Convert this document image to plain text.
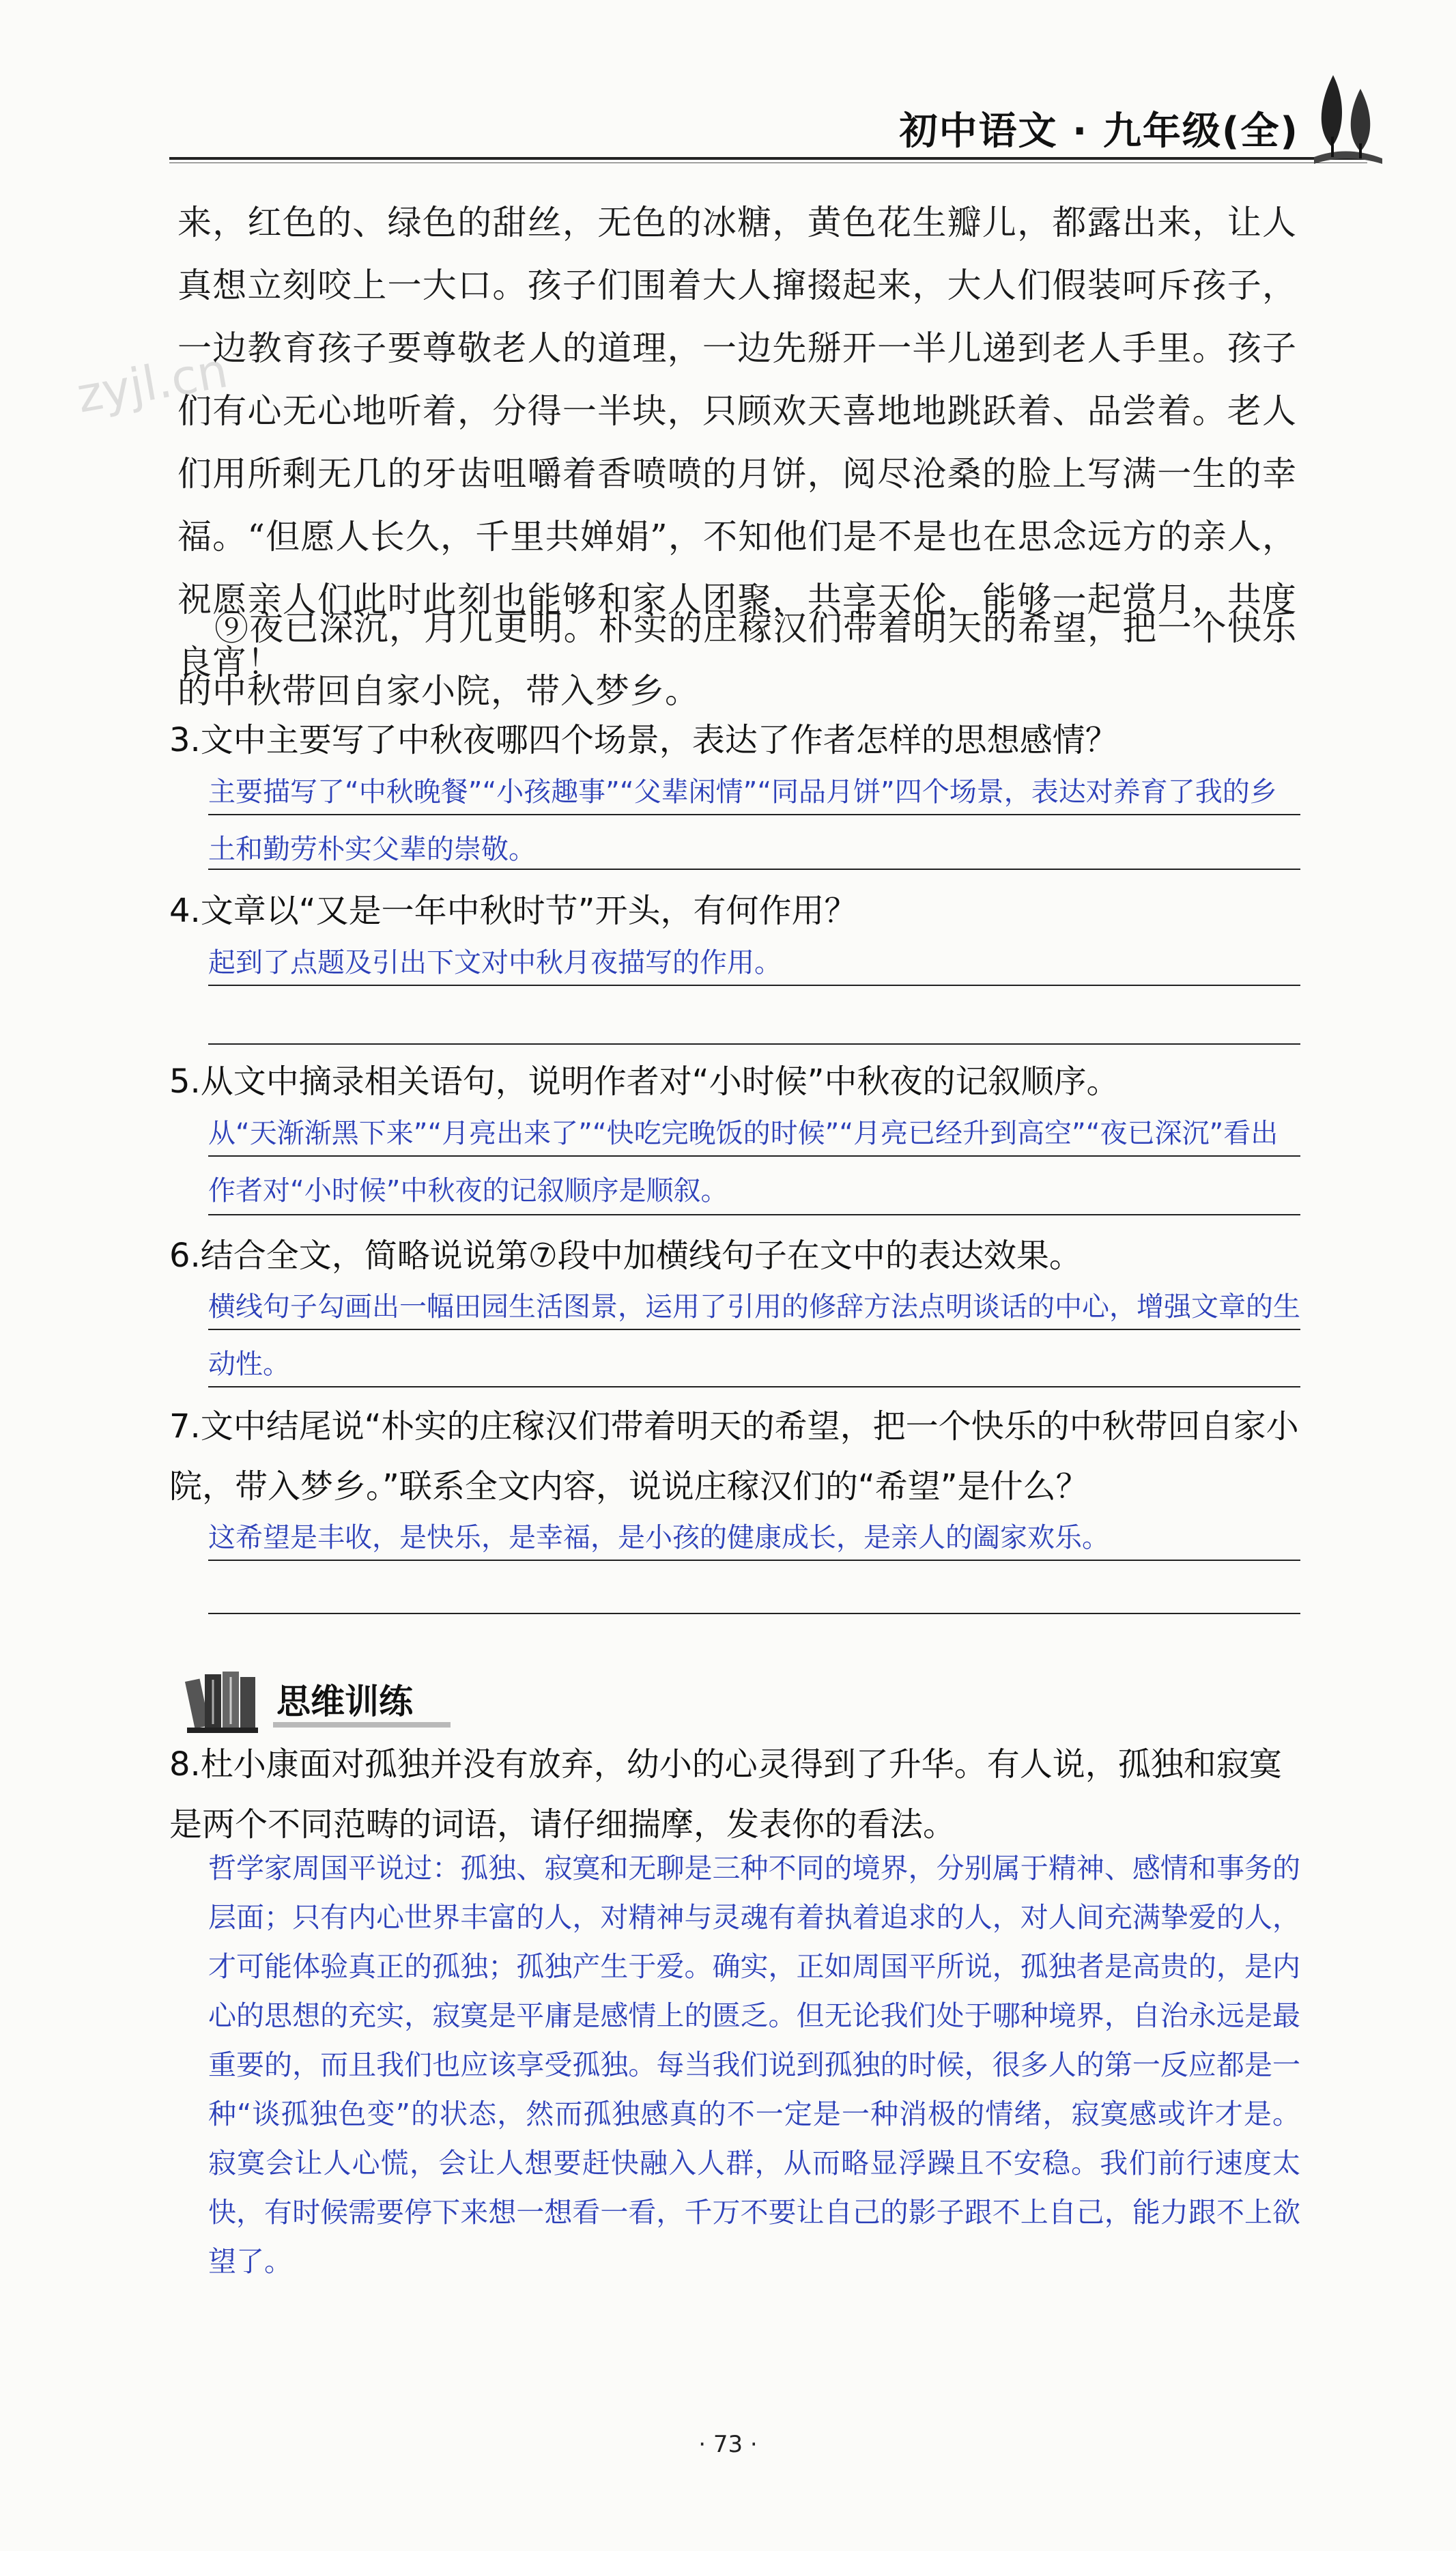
初中语文 · 九年级(全)
zyjl.cn

来，红色的、绿色的甜丝，无色的冰糖，黄色花生瓣儿，都露出来，让人真想立刻咬上一大口。孩子们围着大人撺掇起来，大人们假装呵斥孩子，一边教育孩子要尊敬老人的道理，一边先掰开一半儿递到老人手里。孩子们有心无心地听着，分得一半块，只顾欢天喜地地跳跃着、品尝着。老人们用所剩无几的牙齿咀嚼着香喷喷的月饼，阅尽沧桑的脸上写满一生的幸福。“但愿人长久，千里共婵娟”，不知他们是不是也在思念远方的亲人，祝愿亲人们此时此刻也能够和家人团聚，共享天伦，能够一起赏月，共度良宵！

⑨夜已深沉，月儿更明。朴实的庄稼汉们带着明天的希望，把一个快乐的中秋带回自家小院，带入梦乡。

3.文中主要写了中秋夜哪四个场景，表达了作者怎样的思想感情？

主要描写了“中秋晚餐”“小孩趣事”“父辈闲情”“同品月饼”四个场景，表达对养育了我的乡土和勤劳朴实父辈的崇敬。

4.文章以“又是一年中秋时节”开头，有何作用？

起到了点题及引出下文对中秋月夜描写的作用。

5.从文中摘录相关语句，说明作者对“小时候”中秋夜的记叙顺序。

从“天渐渐黑下来”“月亮出来了”“快吃完晚饭的时候”“月亮已经升到高空”“夜已深沉”看出作者对“小时候”中秋夜的记叙顺序是顺叙。

6.结合全文，简略说说第⑦段中加横线句子在文中的表达效果。

横线句子勾画出一幅田园生活图景，运用了引用的修辞方法点明谈话的中心，增强文章的生动性。

7.文中结尾说“朴实的庄稼汉们带着明天的希望，把一个快乐的中秋带回自家小院，带入梦乡。”联系全文内容，说说庄稼汉们的“希望”是什么？

这希望是丰收，是快乐，是幸福，是小孩的健康成长，是亲人的阖家欢乐。

思维训练

8.杜小康面对孤独并没有放弃，幼小的心灵得到了升华。有人说，孤独和寂寞是两个不同范畴的词语，请仔细揣摩，发表你的看法。

哲学家周国平说过：孤独、寂寞和无聊是三种不同的境界，分别属于精神、感情和事务的层面；只有内心世界丰富的人，对精神与灵魂有着执着追求的人，对人间充满挚爱的人，才可能体验真正的孤独；孤独产生于爱。确实，正如周国平所说，孤独者是高贵的，是内心的思想的充实，寂寞是平庸是感情上的匮乏。但无论我们处于哪种境界，自治永远是最重要的，而且我们也应该享受孤独。每当我们说到孤独的时候，很多人的第一反应都是一种“谈孤独色变”的状态，然而孤独感真的不一定是一种消极的情绪，寂寞感或许才是。寂寞会让人心慌，会让人想要赶快融入人群，从而略显浮躁且不安稳。我们前行速度太快，有时候需要停下来想一想看一看，千万不要让自己的影子跟不上自己，能力跟不上欲望了。

· 73 ·
